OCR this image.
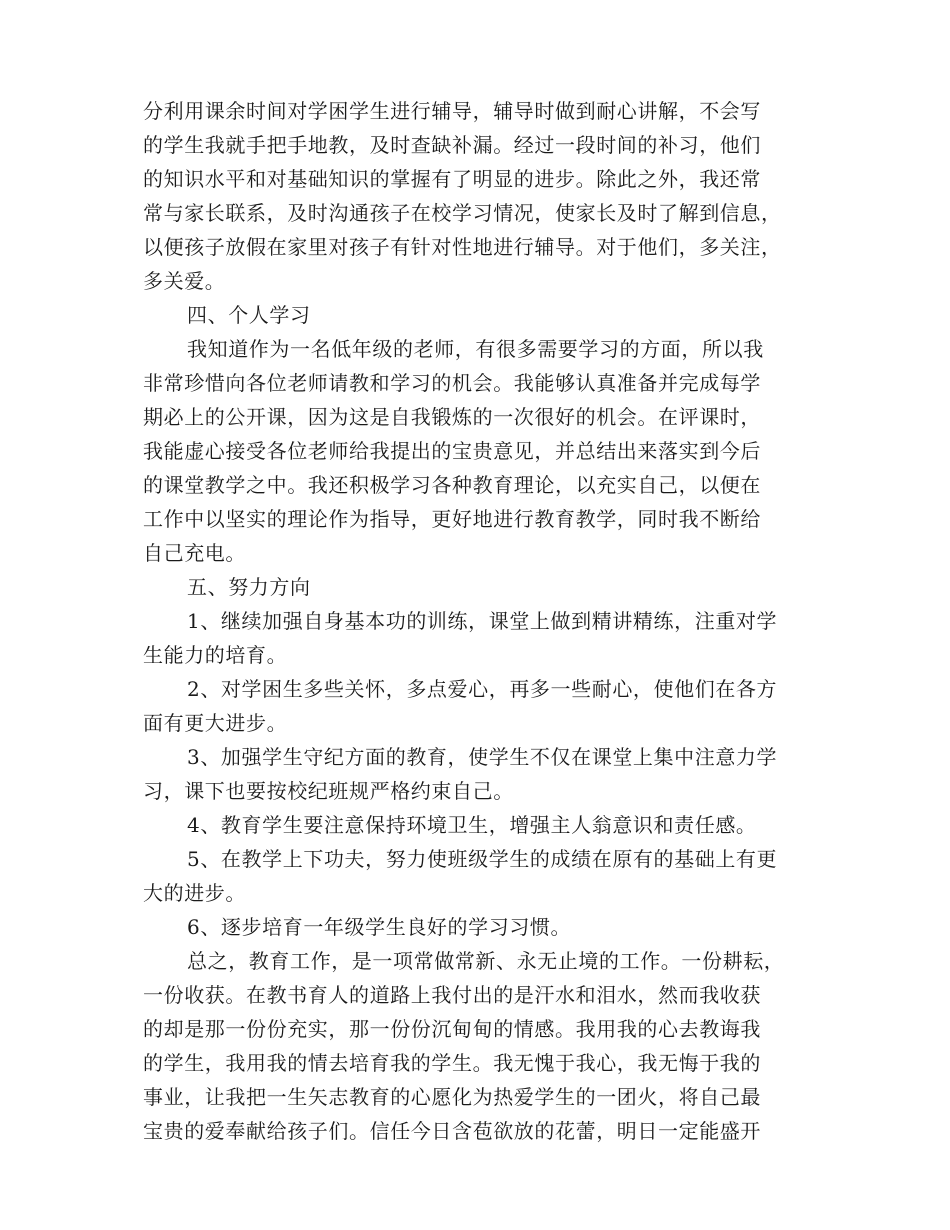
分利用课余时间对学困学生进行辅导，辅导时做到耐心讲解，不会写
的学生我就手把手地教，及时查缺补漏。经过一段时间的补习，他们
的知识水平和对基础知识的掌握有了明显的进步。除此之外，我还常
常与家长联系，及时沟通孩子在校学习情况，使家长及时了解到信息，
以便孩子放假在家里对孩子有针对性地进行辅导。对于他们，多关注，
多关爱。
四、个人学习
我知道作为一名低年级的老师，有很多需要学习的方面，所以我
非常珍惜向各位老师请教和学习的机会。我能够认真准备并完成每学
期必上的公开课，因为这是自我锻炼的一次很好的机会。在评课时，
我能虚心接受各位老师给我提出的宝贵意见，并总结出来落实到今后
的课堂教学之中。我还积极学习各种教育理论，以充实自己，以便在
工作中以坚实的理论作为指导，更好地进行教育教学，同时我不断给
自己充电。
五、努力方向
1、继续加强自身基本功的训练，课堂上做到精讲精练，注重对学
生能力的培育。
2、对学困生多些关怀，多点爱心，再多一些耐心，使他们在各方
面有更大进步。
3、加强学生守纪方面的教育，使学生不仅在课堂上集中注意力学
习，课下也要按校纪班规严格约束自己。
4、教育学生要注意保持环境卫生，增强主人翁意识和责任感。
5、在教学上下功夫，努力使班级学生的成绩在原有的基础上有更
大的进步。
6、逐步培育一年级学生良好的学习习惯。
总之，教育工作，是一项常做常新、永无止境的工作。一份耕耘，
一份收获。在教书育人的道路上我付出的是汗水和泪水，然而我收获
的却是那一份份充实，那一份份沉甸甸的情感。我用我的心去教诲我
的学生，我用我的情去培育我的学生。我无愧于我心，我无悔于我的
事业，让我把一生矢志教育的心愿化为热爱学生的一团火，将自己最
宝贵的爱奉献给孩子们。信任今日含苞欲放的花蕾，明日一定能盛开
